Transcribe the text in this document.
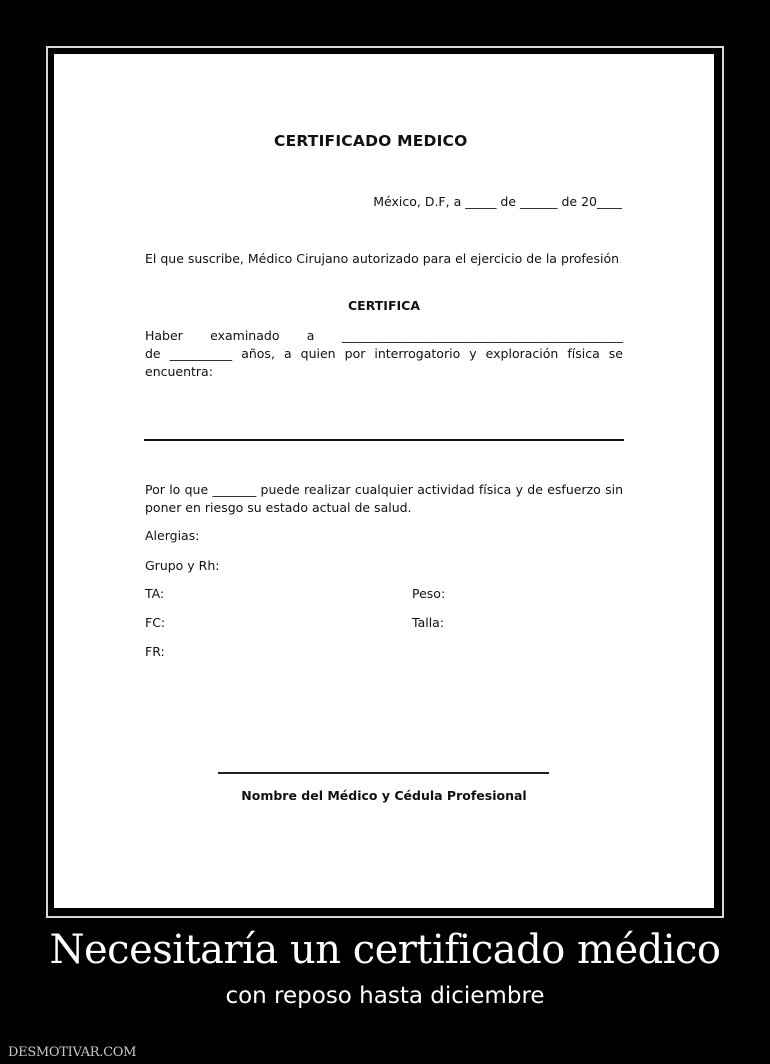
CERTIFICADO MEDICO
México, D.F, a _____ de ______ de 20____
El que suscribe, Médico Cirujano autorizado para el ejercicio de la profesión
CERTIFICA
Haber examinado a _____________________________________________
de __________ años, a quien por interrogatorio y exploración física se encuentra:
Por lo que _______ puede realizar cualquier actividad física y de esfuerzo sin poner en riesgo su estado actual de salud.
Alergias:
Grupo y Rh:
TA:	Peso:
FC:	Talla:
FR:
Nombre del Médico y Cédula Profesional
Necesitaría un certificado médico
con reposo hasta diciembre
DESMOTIVAR.COM
